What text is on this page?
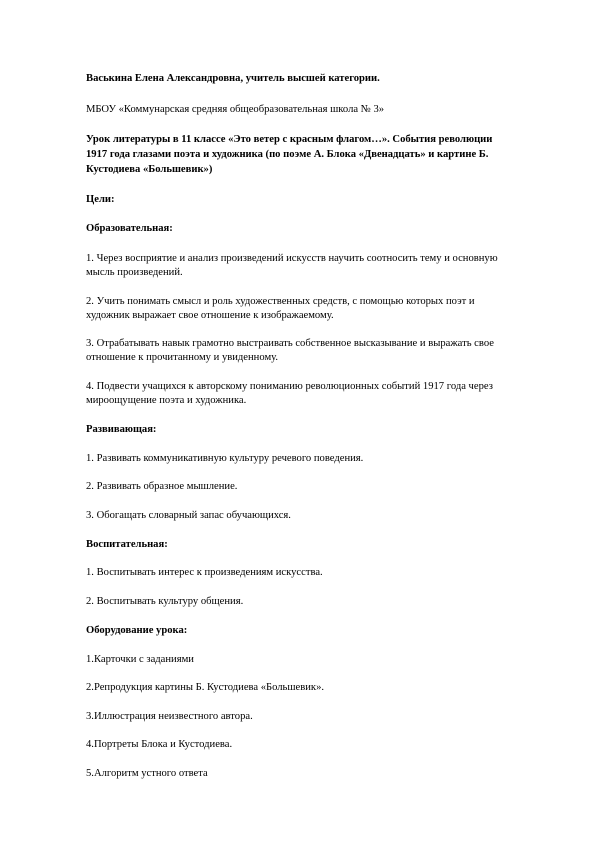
Васькина Елена Александровна, учитель высшей категории.

МБОУ «Коммунарская средняя общеобразовательная школа № 3»

Урок литературы в 11 классе «Это ветер с красным флагом…». События революции

1917 года глазами поэта и художника (по поэме А. Блока «Двенадцать» и картине Б.

Кустодиева «Большевик»)

Цели:

Образовательная:

1. Через восприятие и анализ произведений искусств научить соотносить тему и основную

мысль произведений.

2. Учить понимать смысл и роль художественных средств, с помощью которых поэт и

художник выражает свое отношение к изображаемому.

3. Отрабатывать навык грамотно выстраивать собственное высказывание и выражать свое

отношение к прочитанному и увиденному.

4. Подвести учащихся к авторскому пониманию революционных событий 1917 года через

мироощущение поэта и художника.

Развивающая:

1. Развивать коммуникативную культуру речевого поведения.

2. Развивать образное мышление.

3. Обогащать словарный запас обучающихся.

Воспитательная:

1. Воспитывать интерес к произведениям искусства.

2. Воспитывать культуру общения.

Оборудование урока:

1.Карточки с заданиями

2.Репродукция картины Б. Кустодиева «Большевик».

3.Иллюстрация неизвестного автора.

4.Портреты Блока и Кустодиева.

5.Алгоритм устного ответа
